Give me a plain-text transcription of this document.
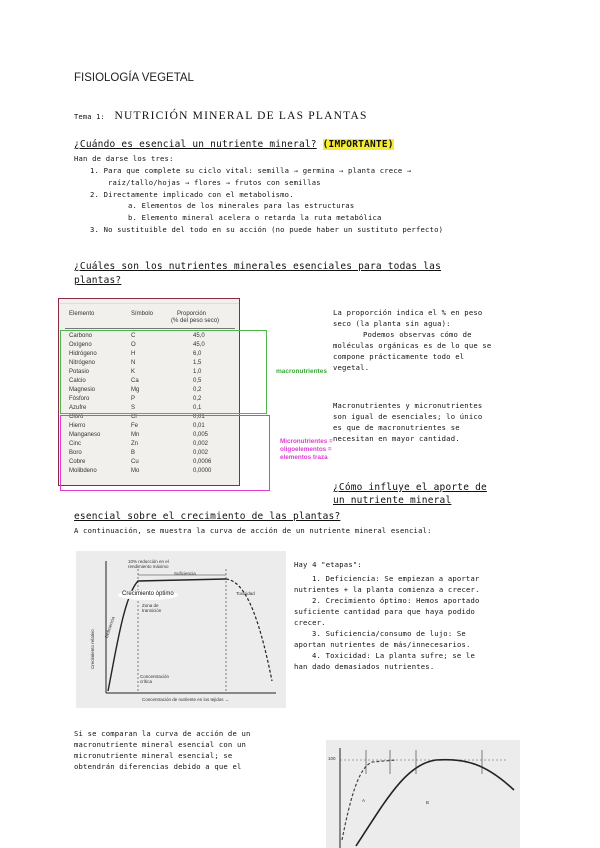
FISIOLOGÍA VEGETAL
Tema 1: NUTRICIÓN MINERAL DE LAS PLANTAS
¿Cuándo es esencial un nutriente mineral? (IMPORTANTE)
Han de darse los tres:
1. Para que complete su ciclo vital: semilla → germina → planta crece →
raíz/tallo/hojas → flores → frutos con semillas
2. Directamente implicado con el metabolismo.
a. Elementos de los minerales para las estructuras
b. Elemento mineral acelera o retarda la ruta metabólica
3. No sustituible del todo en su acción (no puede haber un sustituto perfecto)
¿Cuáles son los nutrientes minerales esenciales para todas las
plantas?
Elemento	Símbolo	Proporción
(% del peso seco)
Carbono	C	45,0
Oxígeno	O	45,0
Hidrógeno	H	6,0
Nitrógeno	N	1,5
Potasio	K	1,0
Calcio	Ca	0,5
Magnesio	Mg	0,2
Fósforo	P	0,2
Azufre	S	0,1
Cloro	Cl	0,01
Hierro	Fe	0,01
Manganeso	Mn	0,005
Cinc	Zn	0,002
Boro	B	0,002
Cobre	Cu	0,0006
Molibdeno	Mo	0,0000
macronutrientes
Micronutrientes =
oligoelementos =
elementos traza
La proporción indica el % en peso
seco (la planta sin agua):
Podemos observas cómo de
moléculas orgánicas es de lo que se
compone prácticamente todo el
vegetal.
Macronutrientes y micronutrientes
son igual de esenciales; lo único
es que de macronutrientes se
necesitan en mayor cantidad.
¿Cómo influye el aporte de
un nutriente mineral
esencial sobre el crecimiento de las plantas?
A continuación, se muestra la curva de acción de un nutriente mineral esencial:
10% reducción en el
rendimiento máximo
Suficiencia
Crecimiento óptimo	Toxicidad
Deficiencia
Zona de
transición
Concentración
crítica
Crecimiento relativo
Concentración de nutriente en los tejidos →
Hay 4 "etapas":
1. Deficiencia: Se empiezan a aportar
nutrientes + la planta comienza a crecer.
2. Crecimiento óptimo: Hemos aportado
suficiente cantidad para que haya podido
crecer.
3. Suficiencia/consumo de lujo: Se
aportan nutrientes de más/innecesarios.
4. Toxicidad: La planta sufre; se le
han dado demasiados nutrientes.
Si se comparan la curva de acción de un
macronutriente mineral esencial con un
micronutriente mineral esencial; se
obtendrán diferencias debido a que el
100
A	B
